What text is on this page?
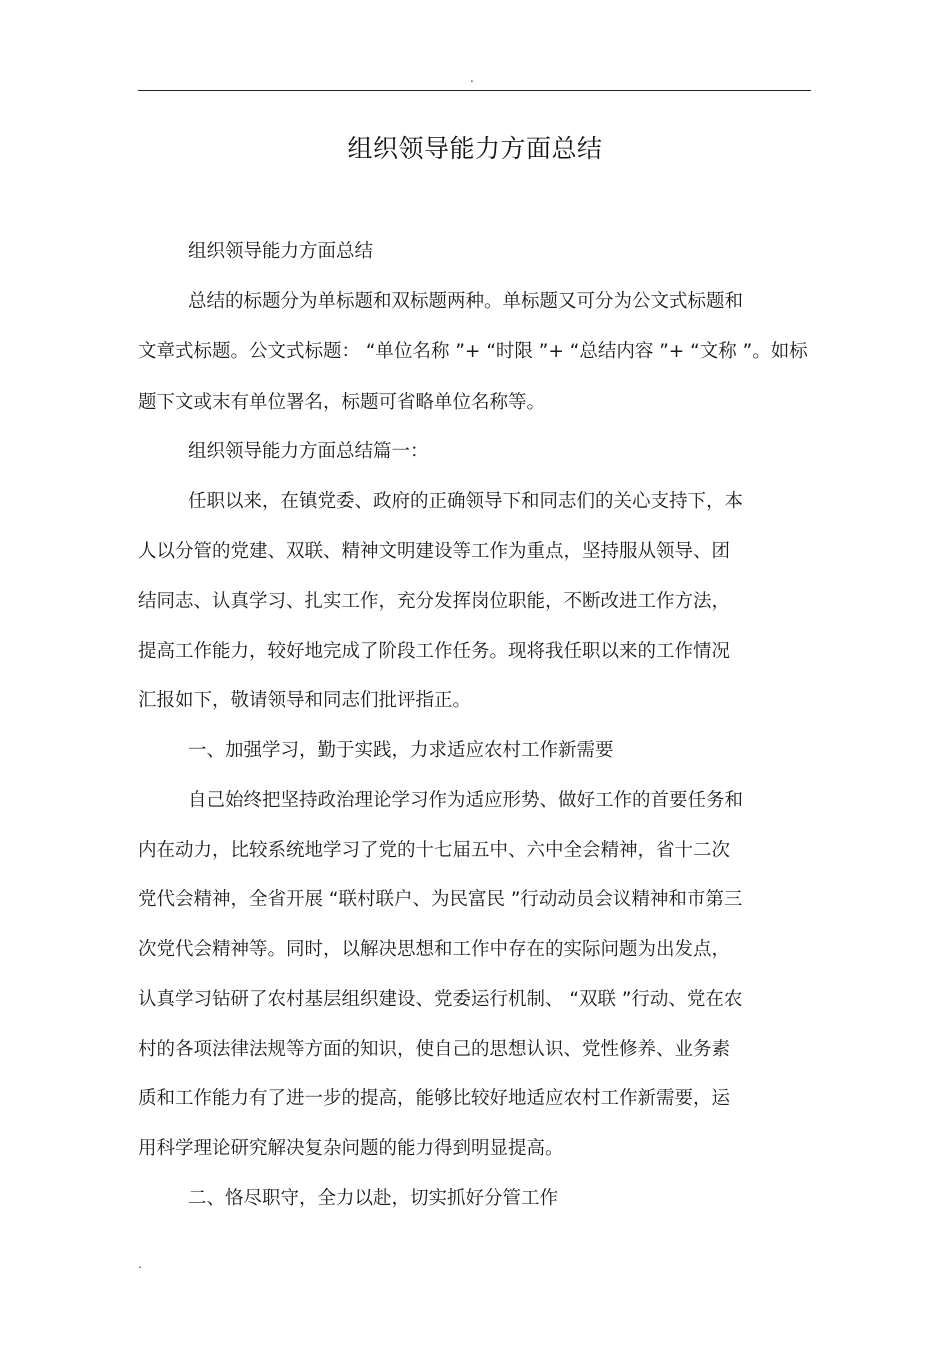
.
组织领导能力方面总结
组织领导能力方面总结
总结的标题分为单标题和双标题两种。单标题又可分为公文式标题和
文章式标题。公文式标题： “单位名称 ”+ “时限 ”+ “总结内容 ”+ “文称 ”。如标
题下文或末有单位署名，标题可省略单位名称等。
组织领导能力方面总结篇一：
任职以来，在镇党委、政府的正确领导下和同志们的关心支持下，本
人以分管的党建、双联、精神文明建设等工作为重点，坚持服从领导、团
结同志、认真学习、扎实工作，充分发挥岗位职能，不断改进工作方法，
提高工作能力，较好地完成了阶段工作任务。现将我任职以来的工作情况
汇报如下，敬请领导和同志们批评指正。
一、加强学习，勤于实践，力求适应农村工作新需要
自己始终把坚持政治理论学习作为适应形势、做好工作的首要任务和
内在动力，比较系统地学习了党的十七届五中、六中全会精神，省十二次
党代会精神，全省开展 “联村联户、为民富民 ”行动动员会议精神和市第三
次党代会精神等。同时，以解决思想和工作中存在的实际问题为出发点，
认真学习钻研了农村基层组织建设、党委运行机制、 “双联 ”行动、党在农
村的各项法律法规等方面的知识，使自己的思想认识、党性修养、业务素
质和工作能力有了进一步的提高，能够比较好地适应农村工作新需要，运
用科学理论研究解决复杂问题的能力得到明显提高。
二、恪尽职守，全力以赴，切实抓好分管工作
.
